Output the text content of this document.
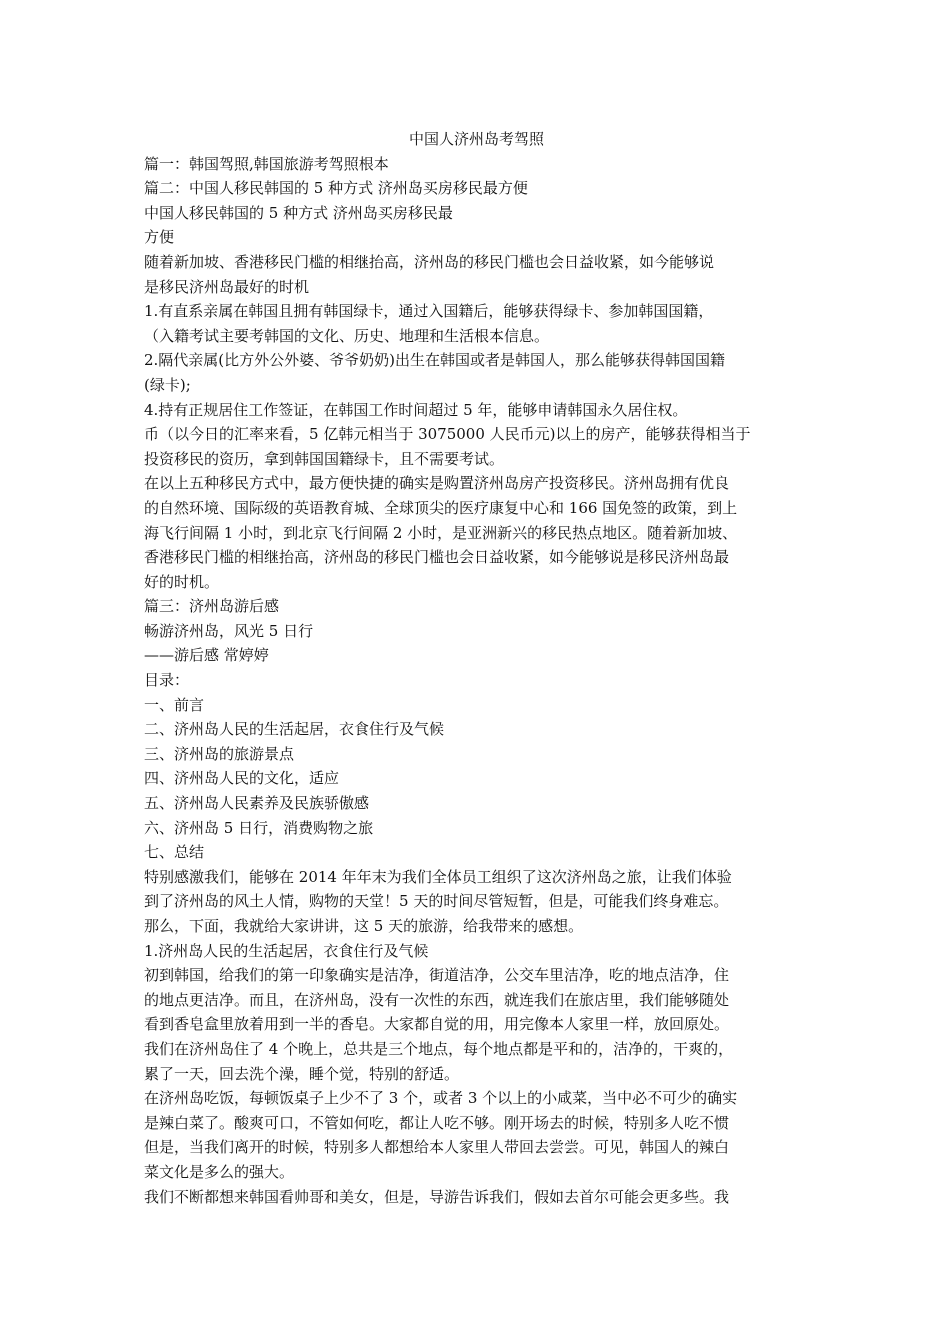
中国人济州岛考驾照

篇一：韩国驾照,韩国旅游考驾照根本

篇二：中国人移民韩国的 5 种方式 济州岛买房移民最方便

中国人移民韩国的 5 种方式 济州岛买房移民最

方便

随着新加坡、香港移民门槛的相继抬高，济州岛的移民门槛也会日益收紧，如今能够说

是移民济州岛最好的时机

1.有直系亲属在韩国且拥有韩国绿卡，通过入国籍后，能够获得绿卡、参加韩国国籍，

（入籍考试主要考韩国的文化、历史、地理和生活根本信息。

2.隔代亲属(比方外公外婆、爷爷奶奶)出生在韩国或者是韩国人，那么能够获得韩国国籍

(绿卡);

4.持有正规居住工作签证，在韩国工作时间超过 5 年，能够申请韩国永久居住权。

币（以今日的汇率来看，5 亿韩元相当于 3075000 人民币元)以上的房产，能够获得相当于

投资移民的资历，拿到韩国国籍绿卡，且不需要考试。

在以上五种移民方式中，最方便快捷的确实是购置济州岛房产投资移民。济州岛拥有优良

的自然环境、国际级的英语教育城、全球顶尖的医疗康复中心和 166 国免签的政策，到上

海飞行间隔 1 小时，到北京飞行间隔 2 小时，是亚洲新兴的移民热点地区。随着新加坡、

香港移民门槛的相继抬高，济州岛的移民门槛也会日益收紧，如今能够说是移民济州岛最

好的时机。

篇三：济州岛游后感

畅游济州岛，风光 5 日行

——游后感 常婷婷

目录：

一、前言

二、济州岛人民的生活起居，衣食住行及气候

三、济州岛的旅游景点

四、济州岛人民的文化，适应

五、济州岛人民素养及民族骄傲感

六、济州岛 5 日行，消费购物之旅

七、总结

特别感激我们，能够在 2014 年年末为我们全体员工组织了这次济州岛之旅，让我们体验

到了济州岛的风土人情，购物的天堂！5 天的时间尽管短暂，但是，可能我们终身难忘。

那么，下面，我就给大家讲讲，这 5 天的旅游，给我带来的感想。

1.济州岛人民的生活起居，衣食住行及气候

初到韩国，给我们的第一印象确实是洁净，街道洁净，公交车里洁净，吃的地点洁净，住

的地点更洁净。而且，在济州岛，没有一次性的东西，就连我们在旅店里，我们能够随处

看到香皂盒里放着用到一半的香皂。大家都自觉的用，用完像本人家里一样，放回原处。

我们在济州岛住了 4 个晚上，总共是三个地点，每个地点都是平和的，洁净的，干爽的，

累了一天，回去洗个澡，睡个觉，特别的舒适。

在济州岛吃饭，每顿饭桌子上少不了 3 个，或者 3 个以上的小咸菜，当中必不可少的确实

是辣白菜了。酸爽可口，不管如何吃，都让人吃不够。刚开场去的时候，特别多人吃不惯

但是，当我们离开的时候，特别多人都想给本人家里人带回去尝尝。可见，韩国人的辣白

菜文化是多么的强大。

我们不断都想来韩国看帅哥和美女，但是，导游告诉我们，假如去首尔可能会更多些。我
